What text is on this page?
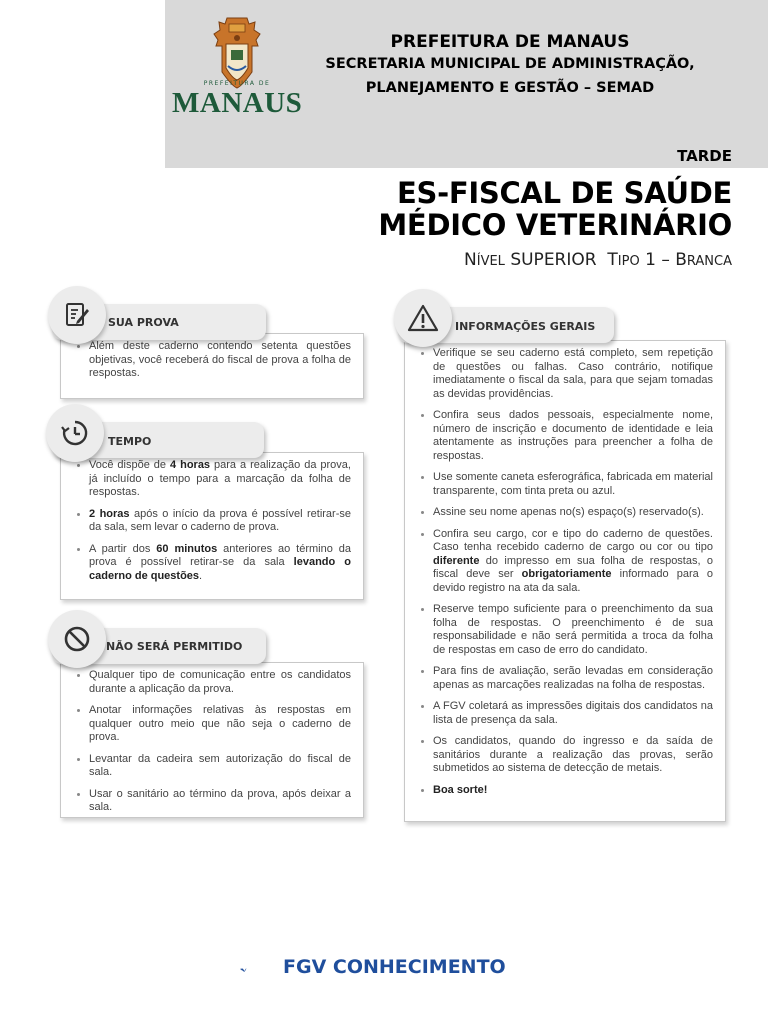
PREFEITURA DE
MANAUS
PREFEITURA DE MANAUS
SECRETARIA MUNICIPAL DE ADMINISTRAÇÃO,
PLANEJAMENTO E GESTÃO – SEMAD
TARDE
ES-FISCAL DE SAÚDE
MÉDICO VETERINÁRIO
NÍVEL SUPERIOR TIPO 1 – BRANCA
• Além deste caderno contendo setenta questões objetivas, você receberá do fiscal de prova a folha de respostas.
SUA PROVA
• Você dispõe de 4 horas para a realização da prova, já incluído o tempo para a marcação da folha de respostas.
• 2 horas após o início da prova é possível retirar-se da sala, sem levar o caderno de prova.
• A partir dos 60 minutos anteriores ao término da prova é possível retirar-se da sala levando o caderno de questões.
TEMPO
• Qualquer tipo de comunicação entre os candidatos durante a aplicação da prova.
• Anotar informações relativas às respostas em qualquer outro meio que não seja o caderno de prova.
• Levantar da cadeira sem autorização do fiscal de sala.
• Usar o sanitário ao término da prova, após deixar a sala.
NÃO SERÁ PERMITIDO
• Verifique se seu caderno está completo, sem repetição de questões ou falhas. Caso contrário, notifique imediatamente o fiscal da sala, para que sejam tomadas as devidas providências.
• Confira seus dados pessoais, especialmente nome, número de inscrição e documento de identidade e leia atentamente as instruções para preencher a folha de respostas.
• Use somente caneta esferográfica, fabricada em material transparente, com tinta preta ou azul.
• Assine seu nome apenas no(s) espaço(s) reservado(s).
• Confira seu cargo, cor e tipo do caderno de questões. Caso tenha recebido caderno de cargo ou cor ou tipo diferente do impresso em sua folha de respostas, o fiscal deve ser obrigatoriamente informado para o devido registro na ata da sala.
• Reserve tempo suficiente para o preenchimento da sua folha de respostas. O preenchimento é de sua responsabilidade e não será permitida a troca da folha de respostas em caso de erro do candidato.
• Para fins de avaliação, serão levadas em consideração apenas as marcações realizadas na folha de respostas.
• A FGV coletará as impressões digitais dos candidatos na lista de presença da sala.
• Os candidatos, quando do ingresso e da saída de sanitários durante a realização das provas, serão submetidos ao sistema de detecção de metais.
• Boa sorte!
INFORMAÇÕES GERAIS
FGV CONHECIMENTO
